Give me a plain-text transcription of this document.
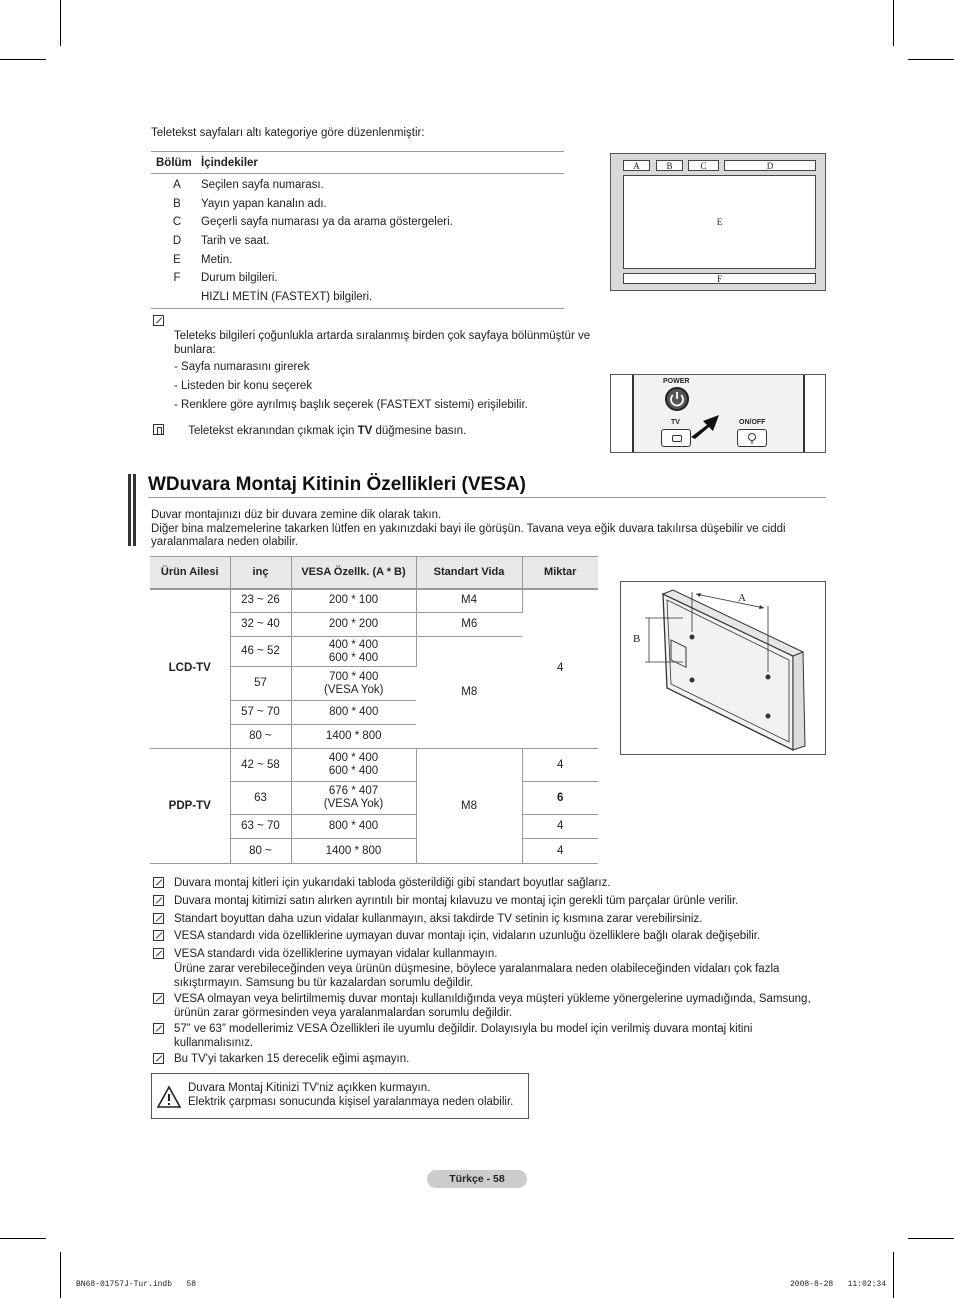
Teletekst sayfaları altı kategoriye göre düzenlenmiştir:
Bölüm İçindekiler
A	Seçilen sayfa numarası.
B	Yayın yapan kanalın adı.
C	Geçerli sayfa numarası ya da arama göstergeleri.
D	Tarih ve saat.
E	Metin.
F	Durum bilgileri.
HIZLI METİN (FASTEXT) bilgileri.
A	B	C	D
E
F
Teleteks bilgileri çoğunlukla artarda sıralanmış birden çok sayfaya bölünmüştür ve bunlara:
- Sayfa numarasını girerek
- Listeden bir konu seçerek
- Renklere göre ayrılmış başlık seçerek (FASTEXT sistemi) erişilebilir.
Teletekst ekranından çıkmak için TV düğmesine basın.
POWER
TV	ON/OFF
WDuvara Montaj Kitinin Özellikleri (VESA)
Duvar montajınızı düz bir duvara zemine dik olarak takın.
Diğer bina malzemelerine takarken lütfen en yakınızdaki bayi ile görüşün. Tavana veya eğik duvara takılırsa düşebilir ve ciddi yaralanmalara neden olabilir.
Ürün Ailesi	inç	VESA Özellk. (A * B)	Standart Vida	Miktar
LCD-TV	23 ~ 26	200 * 100	M4	4
	32 ~ 40	200 * 200	M6	
	46 ~ 52	400 * 400
600 * 400	M8	
	57	700 * 400
(VESA Yok)		

	57 ~ 70	800 * 400		
	80 ~	1400 * 800		
PDP-TV	42 ~ 58	400 * 400
600 * 400	M8	4
	63	676 * 407
(VESA Yok)		6
	63 ~ 70	800 * 400		4
	80 ~	1400 * 800		4
A
B
Duvara montaj kitleri için yukarıdaki tabloda gösterildiği gibi standart boyutlar sağlarız.
Duvara montaj kitimizi satın alırken ayrıntılı bir montaj kılavuzu ve montaj için gerekli tüm parçalar ürünle verilir.
Standart boyuttan daha uzun vidalar kullanmayın, aksi takdirde TV setinin iç kısmına zarar verebilirsiniz.
VESA standardı vida özelliklerine uymayan duvar montajı için, vidaların uzunluğu özelliklere bağlı olarak değişebilir.
VESA standardı vida özelliklerine uymayan vidalar kullanmayın.
Ürüne zarar verebileceğinden veya ürünün düşmesine, böylece yaralanmalara neden olabileceğinden vidaları çok fazla sıkıştırmayın. Samsung bu tür kazalardan sorumlu değildir.
VESA olmayan veya belirtilmemiş duvar montajı kullanıldığında veya müşteri yükleme yönergelerine uymadığında, Samsung, ürünün zarar görmesinden veya yaralanmalardan sorumlu değildir.
57” ve 63” modellerimiz VESA Özellikleri ile uyumlu değildir. Dolayısıyla bu model için verilmiş duvara montaj kitini kullanmalısınız.
Bu TV'yi takarken 15 derecelik eğimi aşmayın.
Duvara Montaj Kitinizi TV'niz açıkken kurmayın.
Elektrik çarpması sonucunda kişisel yaralanmaya neden olabilir.
Türkçe - 58
BN68-01757J-Tur.indb   58	2008-8-28   11:02:34
